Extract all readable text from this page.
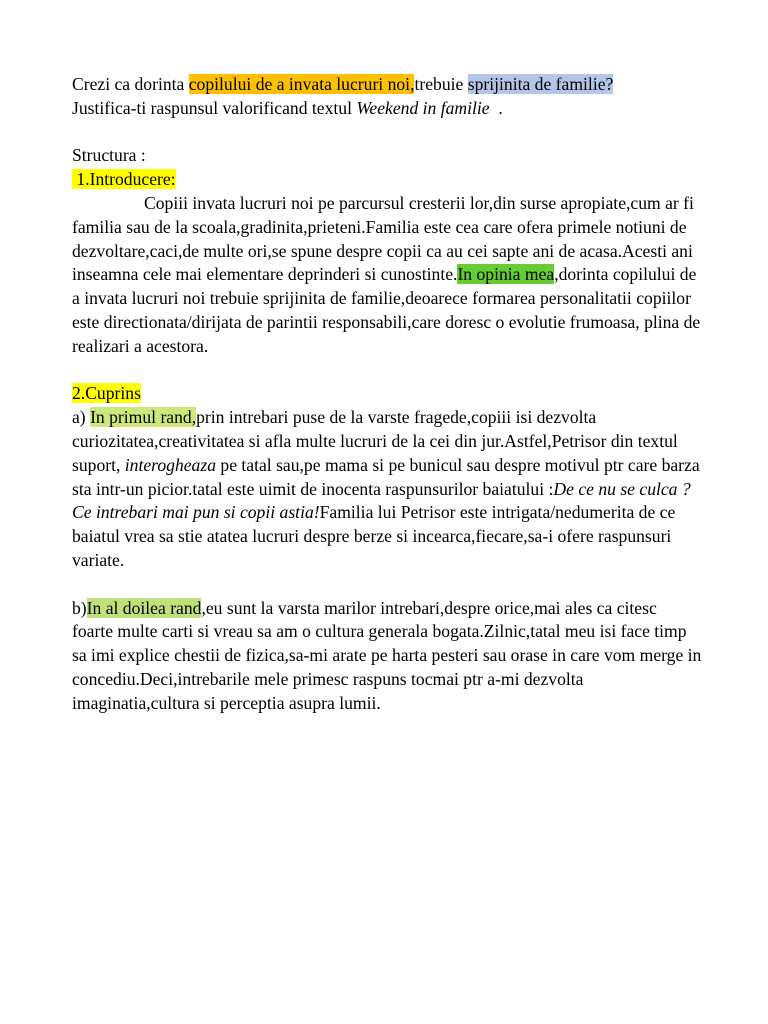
Crezi ca dorinta copilului de a invata lucruri noi,trebuie sprijinita de familie?

Justifica-ti raspunsul valorificand textul Weekend in familie  .

Structura :

1.Introducere:

Copiii invata lucruri noi pe parcursul cresterii lor,din surse apropiate,cum ar fi familia sau de la scoala,gradinita,prieteni.Familia este cea care ofera primele notiuni de dezvoltare,caci,de multe ori,se spune despre copii ca au cei sapte ani de acasa.Acesti ani inseamna cele mai elementare deprinderi si cunostinte.In opinia mea,dorinta copilului de a invata lucruri noi trebuie sprijinita de familie,deoarece formarea personalitatii copiilor este directionata/dirijata de parintii responsabili,care doresc o evolutie frumoasa, plina de realizari a acestora.

2.Cuprins

a) In primul rand,prin intrebari puse de la varste fragede,copiii isi dezvolta curiozitatea,creativitatea si afla multe lucruri de la cei din jur.Astfel,Petrisor din textul suport, interogheaza pe tatal sau,pe mama si pe bunicul sau despre motivul ptr care barza sta intr-un picior.tatal este uimit de inocenta raspunsurilor baiatului :De ce nu se culca ?Ce intrebari mai pun si copii astia!Familia lui Petrisor este intrigata/nedumerita de ce baiatul vrea sa stie atatea lucruri despre berze si incearca,fiecare,sa-i ofere raspunsuri variate.

b)In al doilea rand,eu sunt la varsta marilor intrebari,despre orice,mai ales ca citesc foarte multe carti si vreau sa am o cultura generala bogata.Zilnic,tatal meu isi face timp sa imi explice chestii de fizica,sa-mi arate pe harta pesteri sau orase in care vom merge in concediu.Deci,intrebarile mele primesc raspuns tocmai ptr a-mi dezvolta imaginatia,cultura si perceptia asupra lumii.
